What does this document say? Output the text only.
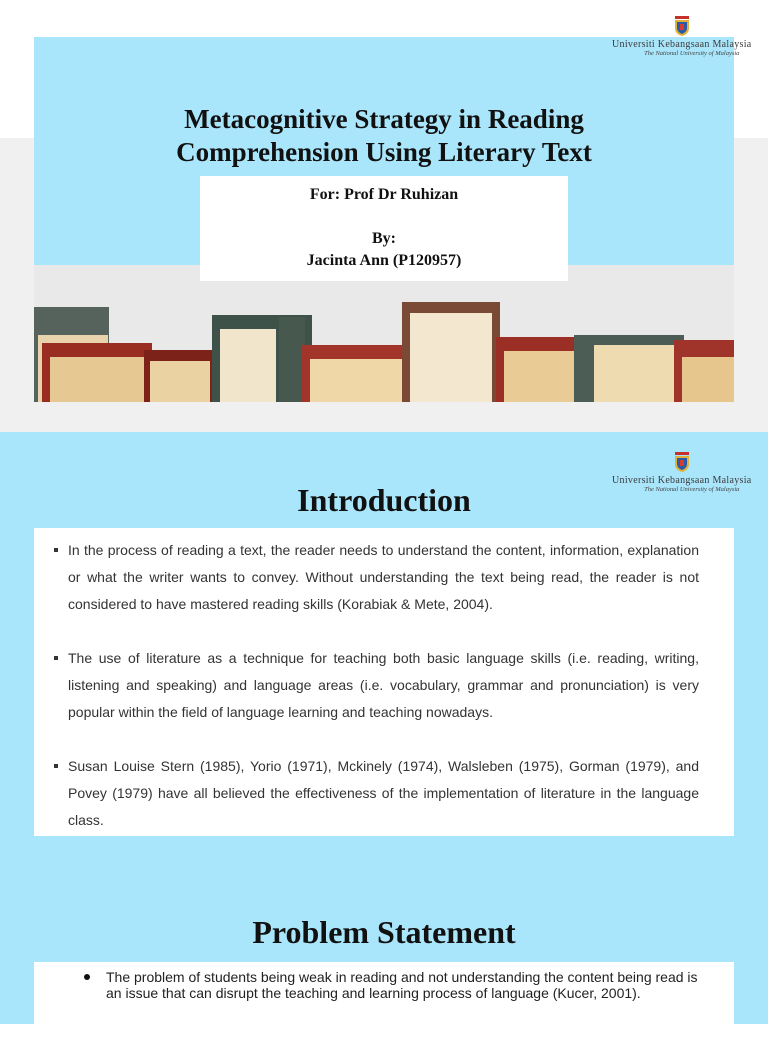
Metacognitive Strategy in Reading
Comprehension Using Literary Text
For: Prof Dr Ruhizan
By:
Jacinta Ann (P120957)
Universiti Kebangsaan Malaysia
The National University of Malaysia
Introduction
Universiti Kebangsaan Malaysia
The National University of Malaysia
In the process of reading a text, the reader needs to understand the content, information, explanation or what the writer wants to convey. Without understanding the text being read, the reader is not considered to have mastered reading skills (Korabiak & Mete, 2004).
The use of literature as a technique for teaching both basic language skills (i.e. reading, writing, listening and speaking) and language areas (i.e. vocabulary, grammar and pronunciation) is very popular within the field of language learning and teaching nowadays.
Susan Louise Stern (1985), Yorio (1971), Mckinely (1974), Walsleben (1975), Gorman (1979), and Povey (1979) have all believed the effectiveness of the implementation of literature in the language class.
Problem Statement
The problem of students being weak in reading and not understanding the content being read is an issue that can disrupt the teaching and learning process of language (Kucer, 2001).
